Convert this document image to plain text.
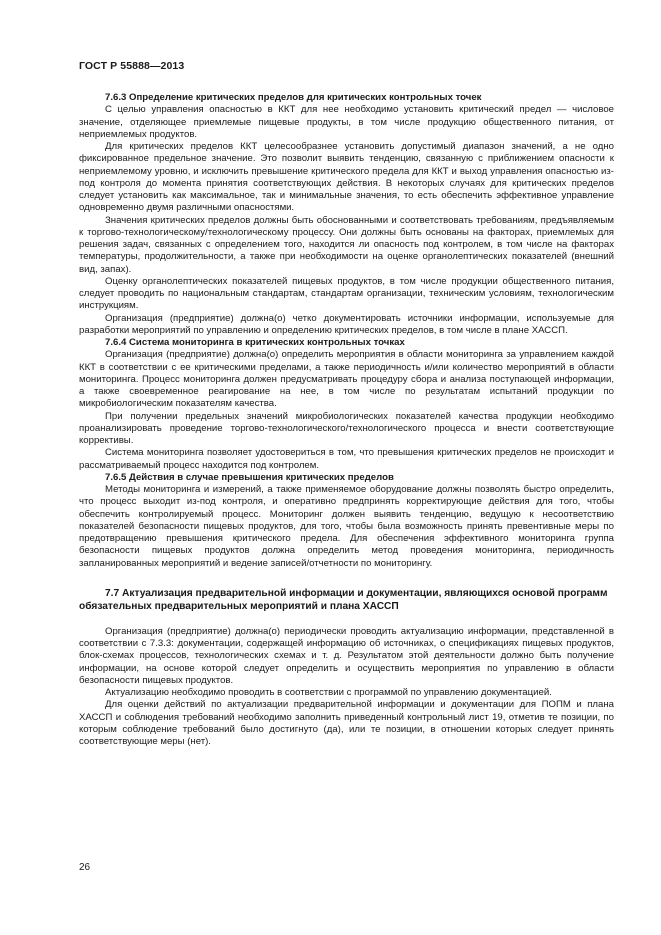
ГОСТ Р 55888—2013

7.6.3 Определение критических пределов для критических контрольных точек

С целью управления опасностью в ККТ для нее необходимо установить критический предел — числовое значение, отделяющее приемлемые пищевые продукты, в том числе продукцию общественного питания, от неприемлемых продуктов.

Для критических пределов ККТ целесообразнее установить допустимый диапазон значений, а не одно фиксированное предельное значение. Это позволит выявить тенденцию, связанную с приближением опасности к неприемлемому уровню, и исключить превышение критического предела для ККТ и выход управления опасностью из-под контроля до момента принятия соответствующих действия. В некоторых случаях для критических пределов следует установить как максимальное, так и минимальные значения, то есть обеспечить эффективное управление одновременно двумя различными опасностями.

Значения критических пределов должны быть обоснованными и соответствовать требованиям, предъявляемым к торгово-технологическому/технологическому процессу. Они должны быть основаны на факторах, приемлемых для решения задач, связанных с определением того, находится ли опасность под контролем, в том числе на факторах температуры, продолжительности, а также при необходимости на оценке органолептических показателей (внешний вид, запах).

Оценку органолептических показателей пищевых продуктов, в том числе продукции общественного питания, следует проводить по национальным стандартам, стандартам организации, техническим условиям, технологическим инструкциям.

Организация (предприятие) должна(о) четко документировать источники информации, используемые для разработки мероприятий по управлению и определению критических пределов, в том числе в плане ХАССП.

7.6.4 Система мониторинга в критических контрольных точках

Организация (предприятие) должна(о) определить мероприятия в области мониторинга за управлением каждой ККТ в соответствии с ее критическими пределами, а также периодичность и/или количество мероприятий в области мониторинга. Процесс мониторинга должен предусматривать процедуру сбора и анализа поступающей информации, а также своевременное реагирование на нее, в том числе по результатам испытаний продукции по микробиологическим показателям качества.

При получении предельных значений микробиологических показателей качества продукции необходимо проанализировать проведение торгово-технологического/технологического процесса и внести соответствующие коррективы.

Система мониторинга позволяет удостовериться в том, что превышения критических пределов не происходит и рассматриваемый процесс находится под контролем.

7.6.5 Действия в случае превышения критических пределов

Методы мониторинга и измерений, а также применяемое оборудование должны позволять быстро определить, что процесс выходит из-под контроля, и оперативно предпринять корректирующие действия для того, чтобы обеспечить контролируемый процесс. Мониторинг должен выявить тенденцию, ведущую к несоответствию показателей безопасности пищевых продуктов, для того, чтобы была возможность принять превентивные меры по предотвращению превышения критического предела. Для обеспечения эффективного мониторинга группа безопасности пищевых продуктов должна определить метод проведения мониторинга, периодичность запланированных мероприятий и ведение записей/отчетности по мониторингу.

7.7 Актуализация предварительной информации и документации, являющихся основой программ обязательных предварительных мероприятий и плана ХАССП

Организация (предприятие) должна(о) периодически проводить актуализацию информации, представленной в соответствии с 7.3.3: документации, содержащей информацию об источниках, о спецификациях пищевых продуктов, блок-схемах процессов, технологических схемах и т. д. Результатом этой деятельности должно быть получение информации, на основе которой следует определить и осуществить мероприятия по управлению в области безопасности пищевых продуктов.

Актуализацию необходимо проводить в соответствии с программой по управлению документацией.

Для оценки действий по актуализации предварительной информации и документации для ПОПМ и плана ХАССП и соблюдения требований необходимо заполнить приведенный контрольный лист 19, отметив те позиции, по которым соблюдение требований было достигнуто (да), или те позиции, в отношении которых следует принять соответствующие меры (нет).

26
